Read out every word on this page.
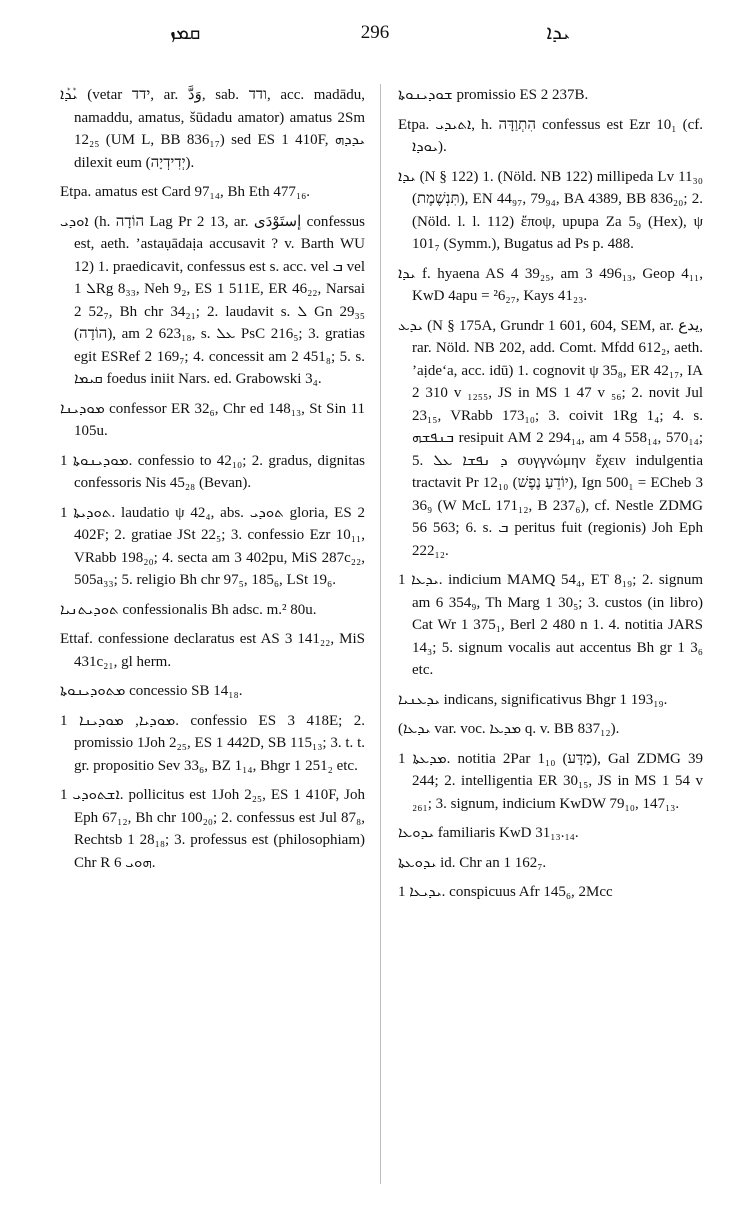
ܩܡܙ	296	ܝܕܐ

ܝܰܕܰܐ (vetar ידד, ar. وَدَّ, sab. ודד, acc. madādu, namaddu, amatus, šūdadu amator) amatus 2Sm 12₂₅ (UM L, BB 836₁₇) sed ES 1 410F, ܝܕܕܗ dilexit eum (יְדִידְיָה).

Etpa. amatus est Card 97₁₄, Bh Eth 477₁₆.

ܐܘܕܝ (h. הוֹדָה Lag Pr 2 13, ar. إستَوْدَى confessus est, aeth. ’astaụādaịa accusavit ? v. Barth WU 12) 1. praedicavit, confessus est s. acc. vel ܒ vel ܠ 1Rg 8₃₃, Neh 9₂, ES 1 511E, ER 46₂₂, Narsai 2 52₇, Bh chr 34₂₁; 2. laudavit s. ܠ Gn 29₃₅ (הוֹדָה), am 2 623₁₈, s. ܥܠ PsC 216₅; 3. gratias egit ESRef 2 169₇; 4. concessit am 2 451₈; 5. s. ܩܝܡܐ foedus iniit Nars. ed. Grabowski 3₄.

ܡܘܕܝܢܐ confessor ER 32₆, Chr ed 148₁₃, St Sin 11 105u.

ܡܘܕܝܢܘܬܐ 1. confessio to 42₁₀; 2. gradus, dignitas confessoris Nis 45₂₈ (Bevan).

ܬܘܕܝܬܐ 1. laudatio ψ 42₄, abs. ܬܘܕܝ gloria, ES 2 402F; 2. gratiae JSt 22₅; 3. confessio Ezr 10₁₁, VRabb 198₂₀; 4. secta am 3 402pu, MiS 287c₂₂, 505a₃₃; 5. religio Bh chr 97₅, 185₆, LSt 19₆.

ܬܘܕܝܬܢܝܐ confessionalis Bh adsc. m.² 80u.

Ettaf. confessione declaratus est AS 3 141₂₂, MiS 431c₂₁, gl herm.

ܡܬܘܕܝܢܘܬܐ concessio SB 14₁₈.

ܡܘܕܝܐ, ܡܘܕܝܢܐ 1. confessio ES 3 418E; 2. promissio 1Joh 2₂₅, ES 1 442D, SB 115₁₃; 3. t. t. gr. propositio Sev 33₆, BZ 1₁₄, Bhgr 1 251₂ etc.

ܐܫܬܘܕܝ 1. pollicitus est 1Joh 2₂₅, ES 1 410F, Joh Eph 67₁₂, Bh chr 100₂₀; 2. confessus est Jul 87₈, Rechtsb 1 28₁₈; 3. professus est (philosophiam) Chr R ܗܘܝ 6.

ܫܘܕܝܢܘܬܐ promissio ES 2 237B.

Etpa. ܐܬܝܕܝ, h. הִתְוַדָּה confessus est Ezr 10₁ (cf. ܝܘܕܐ).

ܝܕܐ (N § 122) 1. (Nöld. NB 122) millipeda Lv 11₃₀ (תִּנְשֶׁמֶת), EN 44₉₇, 79₉₄, BA 4389, BB 836₂₀; 2. (Nöld. l. l. 112) ἔποψ, upupa Za 5₉ (Hex), ψ 101₇ (Symm.), Bugatus ad Ps p. 488.

ܝܕܐ f. hyaena AS 4 39₂₅, am 3 496₁₃, Geop 4₁₁, KwD 4apu = ²6₂₇, Kays 41₂₃.

ܝܕܥ (N § 175A, Grundr 1 601, 604, SEM, ar. يدع, rar. Nöld. NB 202, add. Comt. Mfdd 612₂, aeth. ’aịde‘a, acc. idū) 1. cognovit ψ 35₈, ER 42₁₇, IA 2 310 v ₁₂₅₅, JS in MS 1 47 v ₅₆; 2. novit Jul 23₁₅, VRabb 173₁₀; 3. coivit 1Rg 1₄; 4. s. ܒܢܦܫܗ resipuit AM 2 294₁₄, am 4 558₁₄, 570₁₄; 5. ܕ ܢܦܫܐ ܥܠ συγγνώμην ἔχειν indulgentia tractavit Pr 12₁₀ (יוֹדֵעַ נֶפֶשׁ), Ign 500₁ = ECheb 3 36₉ (W McL 171₁₂, B 237₆), cf. Nestle ZDMG 56 563; 6. s. ܒ peritus fuit (regionis) Joh Eph 222₁₂.

ܝܕܥܐ 1. indicium MAMQ 54₄, ET 8₁₉; 2. signum am 6 354₉, Th Marg 1 30₅; 3. custos (in libro) Cat Wr 1 375₁, Berl 2 480 n 1. 4. notitia JARS 14₃; 5. signum vocalis aut accentus Bh gr 1 3₆ etc.

ܝܕܥܢܝܐ indicans, significativus Bhgr 1 193₁₉.

(ܝܕܥܐ var. voc. ܡܕܥܐ q. v. BB 837₁₂).

ܡܕܥܬܐ 1. notitia 2Par 1₁₀ (מַדָּע), Gal ZDMG 39 244; 2. intelligentia ER 30₁₅, JS in MS 1 54 v ₂₆₁; 3. signum, indicium KwDW 79₁₀, 147₁₃.

ܝܕܘܥܐ familiaris KwD 31₁₃.₁₄.

ܝܕܘܥܬܐ id. Chr an 1 162₇.

ܝܕܝܥܐ 1. conspicuus Afr 145₆, 2Mcc
